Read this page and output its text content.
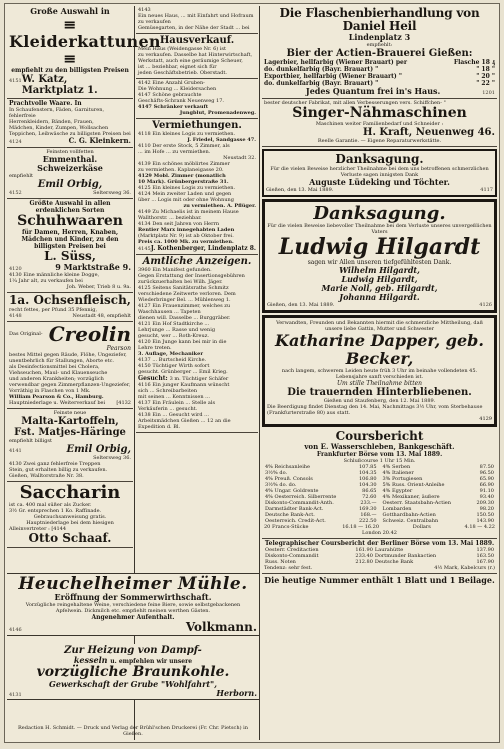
Große Auswahl in
≡ Kleiderkattunen ≡
empfiehlt zu den billigsten Preisen
4151 W. Katz, Marktplatz 1.
Prachtvolle Waare. In
In Schaufenstern, Fäden, Garnituren, fehlerfreie
Herrenkleidern, Bänden, Frauen,
Mädchen, Kinder, Zumpen, Wollsachen
Teppichen, Leibwäsche zu billigsten Preisen bei
4124	C. G. Kleinkern.
Feinsten vollfetten
Emmenthal. Schweizerkäse
empfiehlt
Emil Orbig,
4152	Seltersweg 36.
Größte Auswahl in allen erdenklichen Sorten
Schuhwaaren
für Damen, Herren, Knaben,
Mädchen und Kinder, zu den
billigsten Preisen bei
L. Süss,
4120	9 Marktstraße 9.
4130 Eine männliche kleine Dogge,
1¼ Jahr alt, zu verkaufen bei
Joh. Weber, Trieb 8 u. 9a.
1a. Ochsenfleisch,
recht fettes, per Pfund 35 Pfennig,
4148	Neustadt 48, empfiehlt
Das Original- Creolin
Pearson
bestes Mittel gegen Räude, Flöhe, Ungeziefer,
unentbehrlich für Stallungen, Aborte etc.
als Desinfectionsmittel bei Cholera,
Viehseuchen, Maul- und Klauenseuche
und anderen Krankheiten; vorzüglich
verwendbar gegen Zimmerpflanzen-Ungeziefer,
Vorräthig in Flaschen von 1 Mk.
William Pearson & Co., Hamburg.
Hauptniederlage u. Weiterverkauf bei [4132
Feinste neue
Malta-Kartoffeln,
Fst. Matjes-Häringe
empfiehlt billigst
4141	Emil Orbig,
Seltersweg 36.
4130 Zwei ganz fehlerfreie Treppen
Stein, gut erhalten billig zu verkaufen.
Gießen, Walltorstraße Nr. 38.
Saccharin
ist ca. 400 mal süßer als Zucker.
3½ Gr. entsprechen 1 Ko. Raffinade.
Gebrauchsanweisung gratis.
Hauptniederlage bei dem hiesigen
Alleinvertreter : [4144
Otto Schaaf.
Heuchelheimer Mühle.
Eröffnung der Sommerwirthschaft.
Vorzügliche reingehaltene Weine, verschiedene feine Biere, sowie selbstgebackenen
Apfelwein. Dickmilch etc. empfiehlt meinen werthen Gästen.
Angenehmer Aufenthalt.
4146	Volkmann.
Zur Heizung von Dampf-
kesseln u. empfehlen wir unsere
vorzügliche Braunkohle.
Gewerkschaft der Grube "Wohlfahrt",
4131	Herborn.
Redaction H. Schmidt. — Druck und Verlag der Brühl'schen Druckerei (Fr. Chr. Pietsch) in Gießen.
4143
Ein neues Haus, ... mit Einfahrt und Hofraum zu verkaufen
Gemüsegarten, in der Nähe der Stadt ... bei
Hausverkauf.
Mein Haus (Weidengasse Nr. 6) ist
zu verkaufen. Dasselbe hat Hinterwirtschaft,
Werkstatt, auch eine geräumige Scheuer,
ist ... beziehbar, eignet sich für
jeden Geschäftsbetrieb. Oberstadt.
4142 Eine Anzahl Gruben-
Die Wohnung ... Kleidersachen
4147 Schöne gebrauchte
Geschäfts-Schrank Neuenweg 17.
4147 Schränker verkauft
Jungblut, Promenadenweg.
Vermiethungen.
4118 Ein kleines Logis zu vermiethen.
J. Friedel, Sandgasse 47.
4110 Der erste Stock, 5 Zimmer, als
... im Hofe ... zu vermiethen.
Neustadt 32.
4139 Ein schönes möblirtes Zimmer
zu vermiethen. Kaplaneigasse 20.
4129 Mobl. Zimmer (monatlich
10 Mark). Grünbergerstraße 31.
4125 Ein kleines Logis zu vermiethen.
4124 Mein zweiter Laden und gegen
über ... Logis mit oder ohne Wohnung
zu vermiethen. A. Pflüger.
4149 Zu Michaelis ist in meinem Hause
Wallthorstr. ... beziehbar.
4134 Den seit Jahren von Herrn
Rentier Marx innegehabten Laden
(Marktplatz Nr. 9) ist ab Oktober frei.
Preis ca. 1000 Mk. zu vermiethen.
4145 J. Kothenberger, Lindenplatz 8.
Amtliche Anzeigen.
3960 Ein Manifest gefunden.
Gegen Erstattung der Insertionsgebühren
zurückzuerhalten bei Wilh. Jäger.
4125 Seitens Sanitätsraths Schmitz
verschiedene Zeitwerte verloren. Dem
Wiederbringer Bel. ... Mühlenweg 1.
4127 Ein Frauenzimmer, welches zu
Waschhausen ... Tapeten
dienen will. Dasselbe ... Burggräber.
4121 Ein Hof Stadtkirche ...
Lehrjunge ... Rasse und wenig
gesucht, wer ... Roth-Kreuz.
4120 Ein Junge kann bei mir in die
Lehre treten.
3. Auflage, Mechaniker
4137 ... Burtscheid Kirche.
4150 Tüchtiger Wirth sofort
gesucht. Grünberger ... Emil Krieg.
Gesucht: 3 m. Tüchtiger Schäfer
4116 Ein junger Kaufmann wünscht
sich ... Schreibarbeiten
mit seinen ... Kenntnissen ...
4137 Ein Fräulein ... Stelle als
Verkäuferin ... gesucht.
4138 Ein ... Gesucht wird ...
Arbeitsmädchen Gießen ... 12 an die
Expedition d. Bl.
Die Flaschenbierhandlung von Daniel Heil
Lindenplatz 3
empfiehlt:
Bier der Actien-Brauerei Gießen:
Lagerbier, hellfarbig (Wiener Brauart) per	Flasche 18 ₰
do. dunkelfarbig (Bayr. Brauart) "	" 18 "
Exportbier, hellfarbig (Wiener Brauart) "	" 20 "
do. dunkelfarbig (Bayr. Brauart) "	" 22 "
Jedes Quantum frei in's Haus.	1201
bester deutscher Fabrikat, mit allen Verbesserungen vers. Schiffchen- "
Singer-Nähmaschinen
Maschinen weiter Familienbedarf und Schneider :
H. Kraft, Neuenweg 46.
Reelle Garantie. — Eigene Reparaturwerkstätte.
Danksagung.
Für die vielen Beweise herzlicher Theilnahme bei dem uns betroffenen schmerzlichen Verluste sagen innigsten Dank
Auguste Lüdeking und Töchter.
Gießen, den 13. Mai 1889.	4117
Danksagung.
Für die vielen Beweise liebevoller Theilnahme bei dem Verluste unseres unvergeßlichen Vaters
Ludwig Hilgardt
sagen wir Allen unseren tiefgefühltesten Dank.
Wilhelm Hilgardt,
Ludwig Hilgardt,
Marie Noll, geb. Hilgardt,
Johanna Hilgardt.
Gießen, den 13. Mai 1889.	4126
Verwandten, Freunden und Bekannten hiermit die schmerzliche Mittheilung, daß unsere liebe Gattin, Mutter und Schwester
Katharine Dapper, geb. Becker,
nach langem, schwerem Leiden heute früh 3 Uhr im beinahe vollendeten 45. Lebensjahre sanft verschieden ist.
Um stille Theilnahme bitten
Die trauernden Hinterbliebenen.
Gießen und Staufenberg, den 12. Mai 1889.
Die Beerdigung findet Dienstag den 14. Mai, Nachmittags 3½ Uhr, vom Sterbehause (Frankfurterstraße 80) aus statt.
4129
Coursbericht
von E. Wasserschleben, Bankgeschäft.
Frankfurter Börse vom 13. Mai 1889.
Schlußcourse 1 Uhr 15 Min.
4% Reichsanleihe	107.85
3½% do.	104.35
4% Preuß. Consols	106.80
3½% do. do.	104.30
4% Ungar. Goldrente	86.65
4% Oesterreich. Silberrente	72.60
Diskonto-Commandit-Anth.	233.—
Darmstädter Bank-Act.	169.30
Deutsche Bank-Act.	168.—
Oesterreich. Credit-Act.	222.50
4% Serben	87.50
4% Italiener	96.50
3% Portugiesen	65.90
5% Russ. Orient-Anleihe	66.90
4% Egypter	91.10
4% Mexikaner, äußere	93.40
Oesterr. Staatsbahn-Actien	209.30
Lombarden	98.20
Gotthardbahn-Actien	150.50
Schweiz. Centralbahn	143.90
20 Francs-Stücke	16.18 — 16.20	Dollars	4.18 — 4.22
London 20.42
Telegraphischer Coursbericht der Berliner Börse vom 13. Mai 1889.
Oesterr. Creditactien	161.90	Laurahütte	137.90
Diskonto-Commandit	233.40	Dortmunder Bankactien	163.50
Russ. Noten	212.80	Deutsche Bank	167.90
Tendenz: sehr fest.	4½ Mark, Kabelcurs (r.)
Die heutige Nummer enthält 1 Blatt und 1 Beilage.
